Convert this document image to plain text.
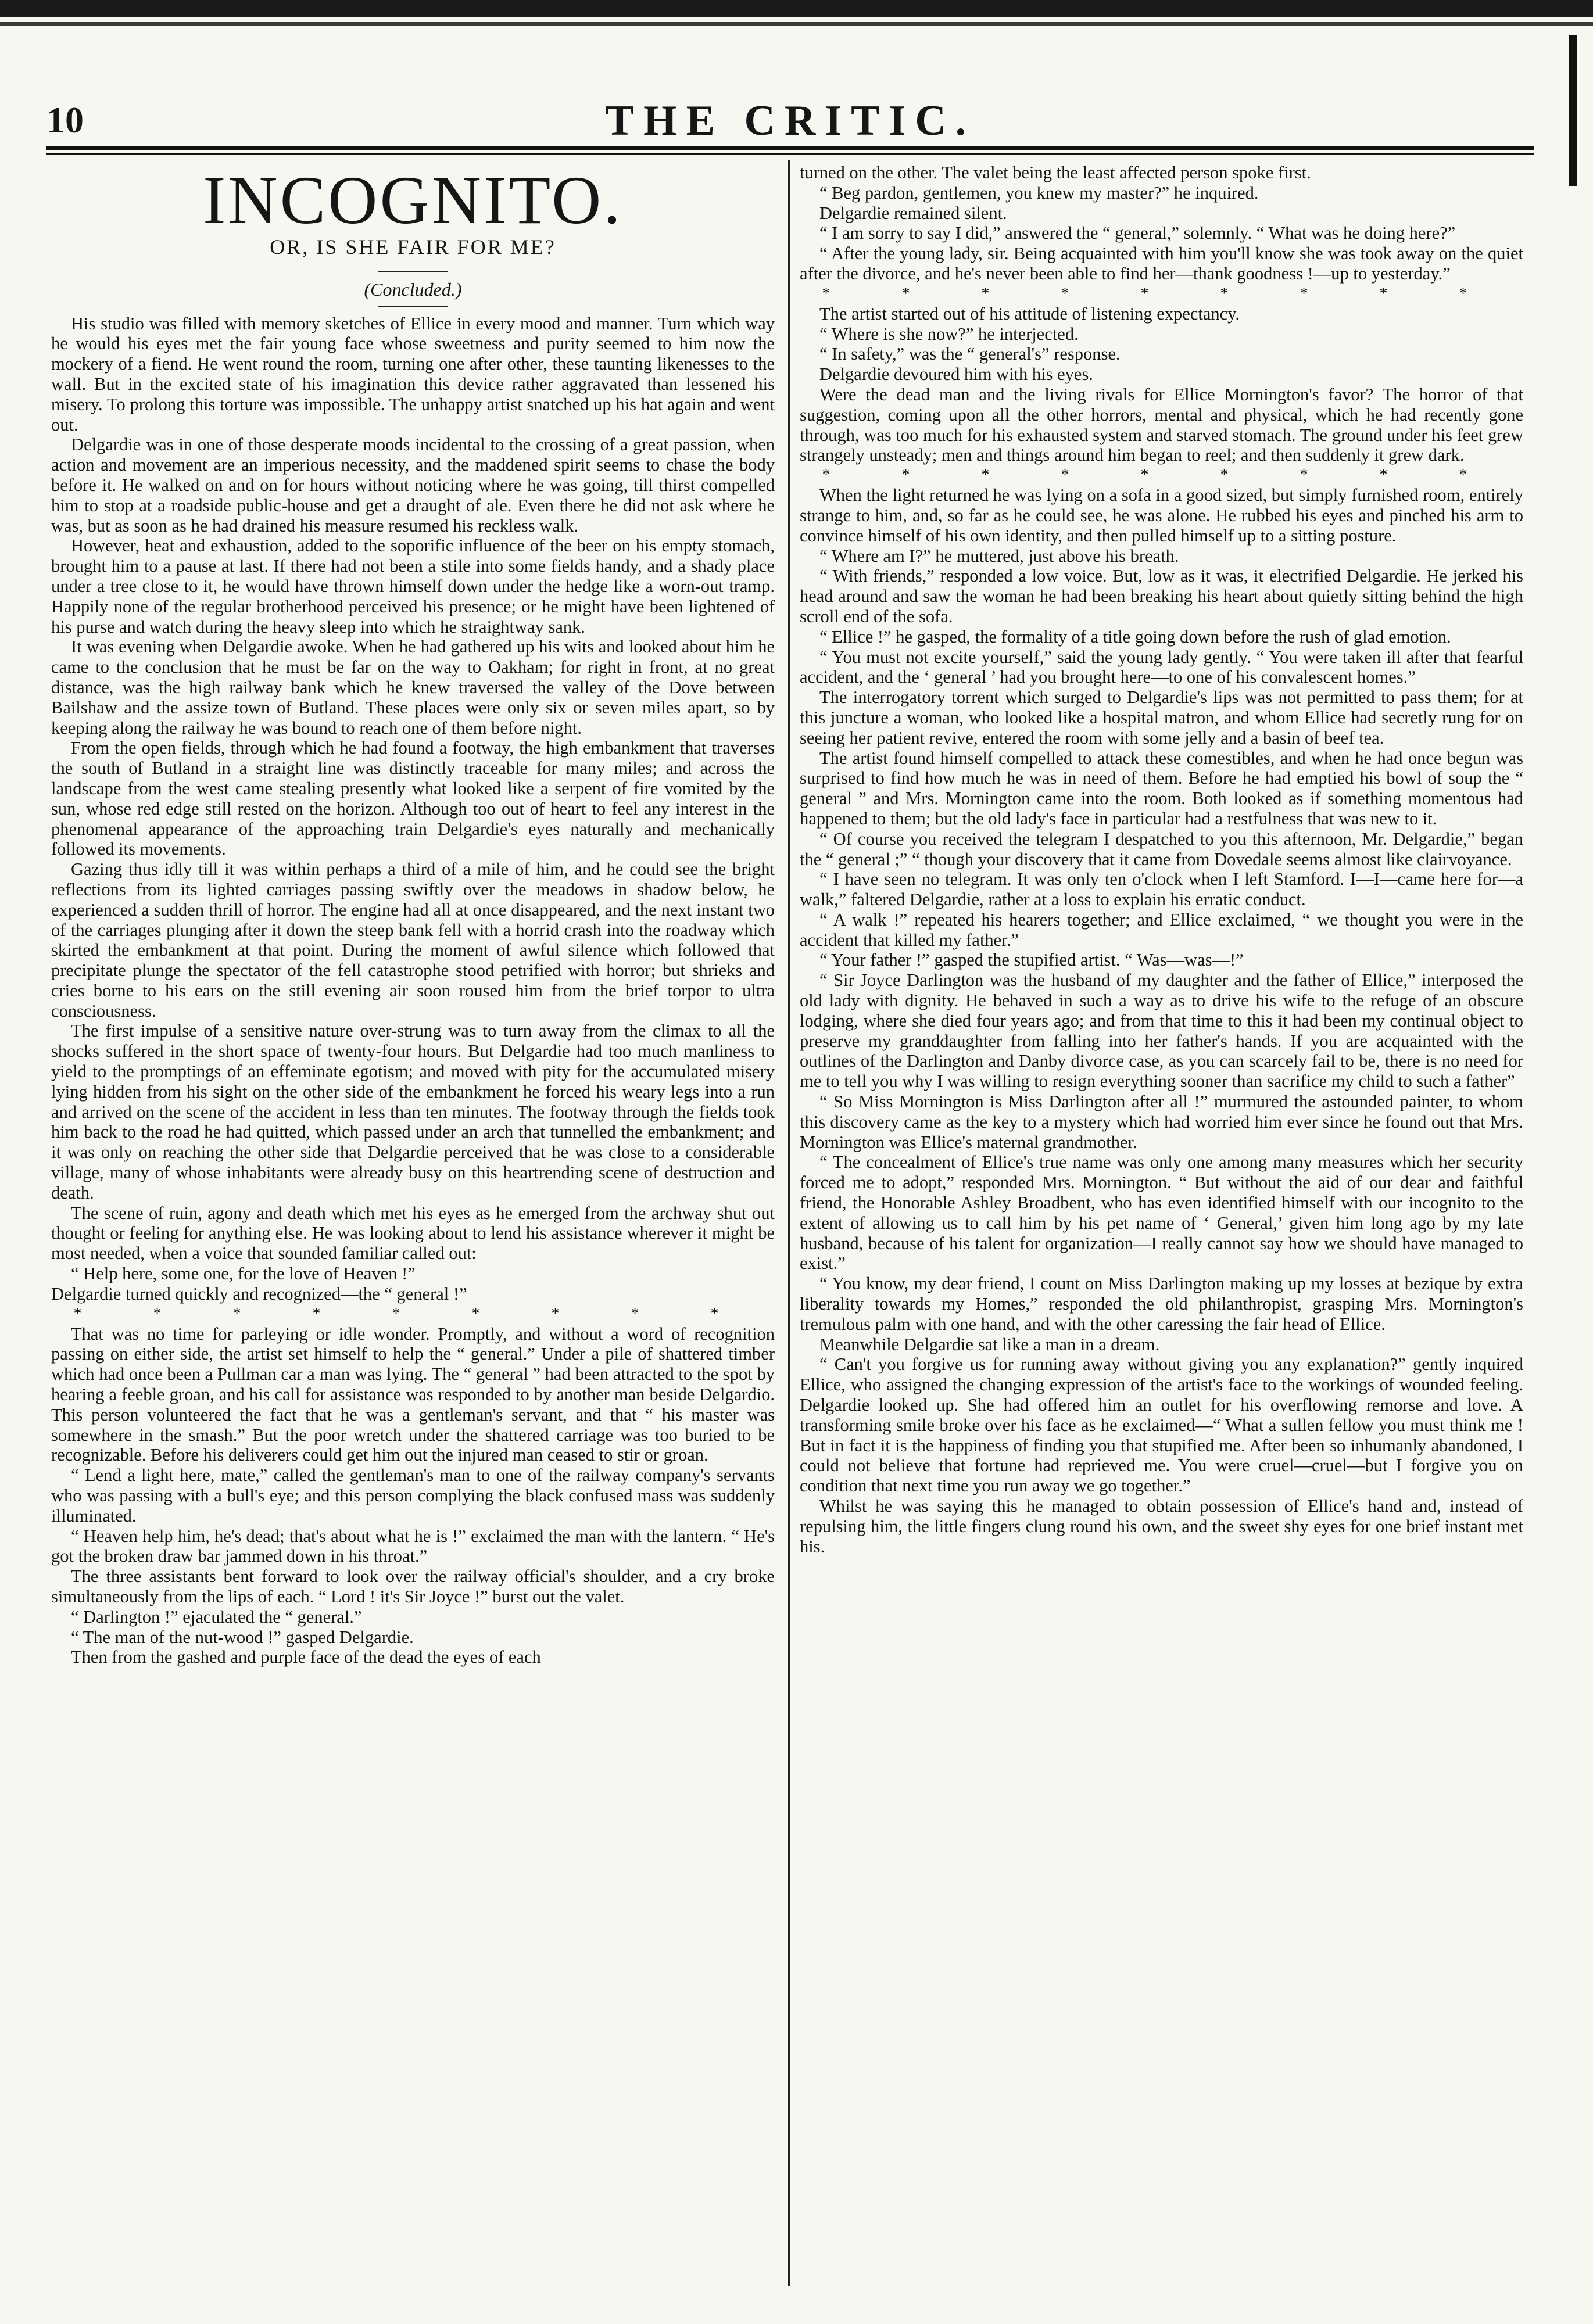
10	THE CRITIC.
INCOGNITO.
OR, IS SHE FAIR FOR ME?
(Concluded.)

His studio was filled with memory sketches of Ellice in every mood and manner. Turn which way he would his eyes met the fair young face whose sweetness and purity seemed to him now the mockery of a fiend. He went round the room, turning one after other, these taunting likenesses to the wall. But in the excited state of his imagination this device rather aggravated than lessened his misery. To prolong this torture was impossible. The unhappy artist snatched up his hat again and went out.

Delgardie was in one of those desperate moods incidental to the crossing of a great passion, when action and movement are an imperious necessity, and the maddened spirit seems to chase the body before it. He walked on and on for hours without noticing where he was going, till thirst compelled him to stop at a roadside public-house and get a draught of ale. Even there he did not ask where he was, but as soon as he had drained his measure resumed his reckless walk.

However, heat and exhaustion, added to the soporific influence of the beer on his empty stomach, brought him to a pause at last. If there had not been a stile into some fields handy, and a shady place under a tree close to it, he would have thrown himself down under the hedge like a worn-out tramp. Happily none of the regular brotherhood perceived his presence; or he might have been lightened of his purse and watch during the heavy sleep into which he straightway sank.

It was evening when Delgardie awoke. When he had gathered up his wits and looked about him he came to the conclusion that he must be far on the way to Oakham; for right in front, at no great distance, was the high railway bank which he knew traversed the valley of the Dove between Bailshaw and the assize town of Butland. These places were only six or seven miles apart, so by keeping along the railway he was bound to reach one of them before night.

From the open fields, through which he had found a footway, the high embankment that traverses the south of Butland in a straight line was distinctly traceable for many miles; and across the landscape from the west came stealing presently what looked like a serpent of fire vomited by the sun, whose red edge still rested on the horizon. Although too out of heart to feel any interest in the phenomenal appearance of the approaching train Delgardie's eyes naturally and mechanically followed its movements.

Gazing thus idly till it was within perhaps a third of a mile of him, and he could see the bright reflections from its lighted carriages passing swiftly over the meadows in shadow below, he experienced a sudden thrill of horror. The engine had all at once disappeared, and the next instant two of the carriages plunging after it down the steep bank fell with a horrid crash into the roadway which skirted the embankment at that point. During the moment of awful silence which followed that precipitate plunge the spectator of the fell catastrophe stood petrified with horror; but shrieks and cries borne to his ears on the still evening air soon roused him from the brief torpor to ultra consciousness.

The first impulse of a sensitive nature over-strung was to turn away from the climax to all the shocks suffered in the short space of twenty-four hours. But Delgardie had too much manliness to yield to the promptings of an effeminate egotism; and moved with pity for the accumulated misery lying hidden from his sight on the other side of the embankment he forced his weary legs into a run and arrived on the scene of the accident in less than ten minutes. The footway through the fields took him back to the road he had quitted, which passed under an arch that tunnelled the embankment; and it was only on reaching the other side that Delgardie perceived that he was close to a considerable village, many of whose inhabitants were already busy on this heartrending scene of destruction and death.

The scene of ruin, agony and death which met his eyes as he emerged from the archway shut out thought or feeling for anything else. He was looking about to lend his assistance wherever it might be most needed, when a voice that sounded familiar called out:

“ Help here, some one, for the love of Heaven !”

Delgardie turned quickly and recognized—the “ general !”

* * * * * * * * *

That was no time for parleying or idle wonder. Promptly, and without a word of recognition passing on either side, the artist set himself to help the “ general.” Under a pile of shattered timber which had once been a Pullman car a man was lying. The “ general ” had been attracted to the spot by hearing a feeble groan, and his call for assistance was responded to by another man beside Delgardio. This person volunteered the fact that he was a gentleman's servant, and that “ his master was somewhere in the smash.” But the poor wretch under the shattered carriage was too buried to be recognizable. Before his deliverers could get him out the injured man ceased to stir or groan.

“ Lend a light here, mate,” called the gentleman's man to one of the railway company's servants who was passing with a bull's eye; and this person complying the black confused mass was suddenly illuminated.

“ Heaven help him, he's dead; that's about what he is !” exclaimed the man with the lantern. “ He's got the broken draw bar jammed down in his throat.”

The three assistants bent forward to look over the railway official's shoulder, and a cry broke simultaneously from the lips of each. “ Lord ! it's Sir Joyce !” burst out the valet.

“ Darlington !” ejaculated the “ general.”

“ The man of the nut-wood !” gasped Delgardie.

Then from the gashed and purple face of the dead the eyes of each

turned on the other. The valet being the least affected person spoke first.

“ Beg pardon, gentlemen, you knew my master?” he inquired.

Delgardie remained silent.

“ I am sorry to say I did,” answered the “ general,” solemnly. “ What was he doing here?”

“ After the young lady, sir. Being acquainted with him you'll know she was took away on the quiet after the divorce, and he's never been able to find her—thank goodness !—up to yesterday.”

* * * * * * * * *

The artist started out of his attitude of listening expectancy.

“ Where is she now?” he interjected.

“ In safety,” was the “ general's” response.

Delgardie devoured him with his eyes.

Were the dead man and the living rivals for Ellice Mornington's favor? The horror of that suggestion, coming upon all the other horrors, mental and physical, which he had recently gone through, was too much for his exhausted system and starved stomach. The ground under his feet grew strangely unsteady; men and things around him began to reel; and then suddenly it grew dark.

* * * * * * * * *

When the light returned he was lying on a sofa in a good sized, but simply furnished room, entirely strange to him, and, so far as he could see, he was alone. He rubbed his eyes and pinched his arm to convince himself of his own identity, and then pulled himself up to a sitting posture.

“ Where am I?” he muttered, just above his breath.

“ With friends,” responded a low voice. But, low as it was, it electrified Delgardie. He jerked his head around and saw the woman he had been breaking his heart about quietly sitting behind the high scroll end of the sofa.

“ Ellice !” he gasped, the formality of a title going down before the rush of glad emotion.

“ You must not excite yourself,” said the young lady gently. “ You were taken ill after that fearful accident, and the ‘ general ’ had you brought here—to one of his convalescent homes.”

The interrogatory torrent which surged to Delgardie's lips was not permitted to pass them; for at this juncture a woman, who looked like a hospital matron, and whom Ellice had secretly rung for on seeing her patient revive, entered the room with some jelly and a basin of beef tea.

The artist found himself compelled to attack these comestibles, and when he had once begun was surprised to find how much he was in need of them. Before he had emptied his bowl of soup the “ general ” and Mrs. Mornington came into the room. Both looked as if something momentous had happened to them; but the old lady's face in particular had a restfulness that was new to it.

“ Of course you received the telegram I despatched to you this afternoon, Mr. Delgardie,” began the “ general ;” “ though your discovery that it came from Dovedale seems almost like clairvoyance.

“ I have seen no telegram. It was only ten o'clock when I left Stamford. I—I—came here for—a walk,” faltered Delgardie, rather at a loss to explain his erratic conduct.

“ A walk !” repeated his hearers together; and Ellice exclaimed, “ we thought you were in the accident that killed my father.”

“ Your father !” gasped the stupified artist. “ Was—was—!”

“ Sir Joyce Darlington was the husband of my daughter and the father of Ellice,” interposed the old lady with dignity. He behaved in such a way as to drive his wife to the refuge of an obscure lodging, where she died four years ago; and from that time to this it had been my continual object to preserve my granddaughter from falling into her father's hands. If you are acquainted with the outlines of the Darlington and Danby divorce case, as you can scarcely fail to be, there is no need for me to tell you why I was willing to resign everything sooner than sacrifice my child to such a father”

“ So Miss Mornington is Miss Darlington after all !” murmured the astounded painter, to whom this discovery came as the key to a mystery which had worried him ever since he found out that Mrs. Mornington was Ellice's maternal grandmother.

“ The concealment of Ellice's true name was only one among many measures which her security forced me to adopt,” responded Mrs. Mornington. “ But without the aid of our dear and faithful friend, the Honorable Ashley Broadbent, who has even identified himself with our incognito to the extent of allowing us to call him by his pet name of ‘ General,’ given him long ago by my late husband, because of his talent for organization—I really cannot say how we should have managed to exist.”

“ You know, my dear friend, I count on Miss Darlington making up my losses at bezique by extra liberality towards my Homes,” responded the old philanthropist, grasping Mrs. Mornington's tremulous palm with one hand, and with the other caressing the fair head of Ellice.

Meanwhile Delgardie sat like a man in a dream.

“ Can't you forgive us for running away without giving you any explanation?” gently inquired Ellice, who assigned the changing expression of the artist's face to the workings of wounded feeling. Delgardie looked up. She had offered him an outlet for his overflowing remorse and love. A transforming smile broke over his face as he exclaimed—“ What a sullen fellow you must think me ! But in fact it is the happiness of finding you that stupified me. After been so inhumanly abandoned, I could not believe that fortune had reprieved me. You were cruel—cruel—but I forgive you on condition that next time you run away we go together.”

Whilst he was saying this he managed to obtain possession of Ellice's hand and, instead of repulsing him, the little fingers clung round his own, and the sweet shy eyes for one brief instant met his.
